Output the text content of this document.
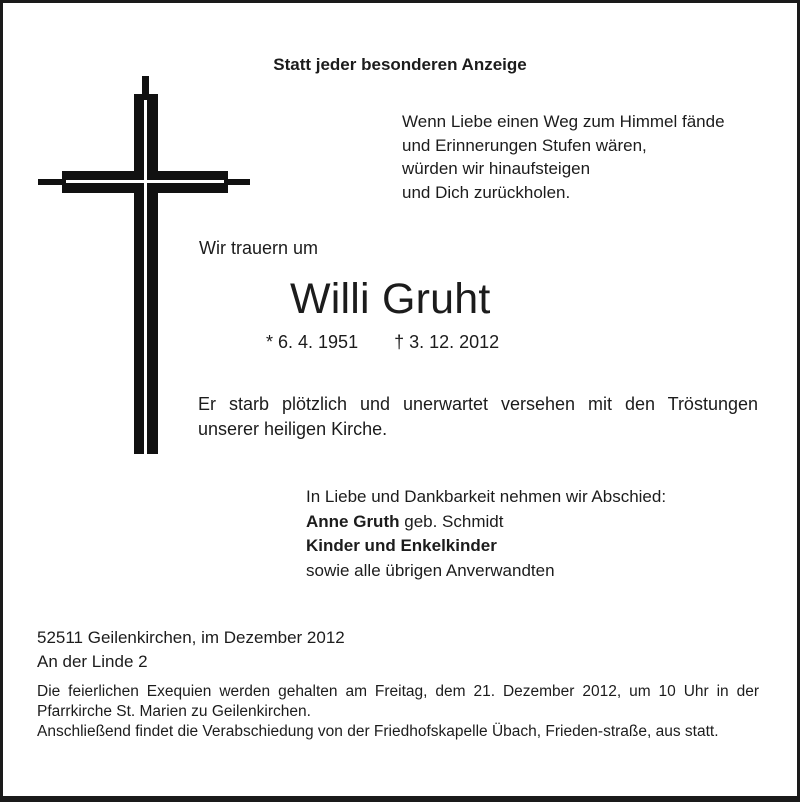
Statt jeder besonderen Anzeige
Wenn Liebe einen Weg zum Himmel fände
und Erinnerungen Stufen wären,
würden wir hinaufsteigen
und Dich zurückholen.
Wir trauern um
Willi Gruht
* 6. 4. 1951 † 3. 12. 2012
Er starb plötzlich und unerwartet versehen mit den Tröstungen unserer heiligen Kirche.
In Liebe und Dankbarkeit nehmen wir Abschied:
Anne Gruth geb. Schmidt
Kinder und Enkelkinder
sowie alle übrigen Anverwandten
52511 Geilenkirchen, im Dezember 2012
An der Linde 2
Die feierlichen Exequien werden gehalten am Freitag, dem 21. Dezember 2012, um 10 Uhr in der Pfarrkirche St. Marien zu Geilenkirchen.
Anschließend findet die Verabschiedung von der Friedhofskapelle Übach, Frieden-straße, aus statt.
